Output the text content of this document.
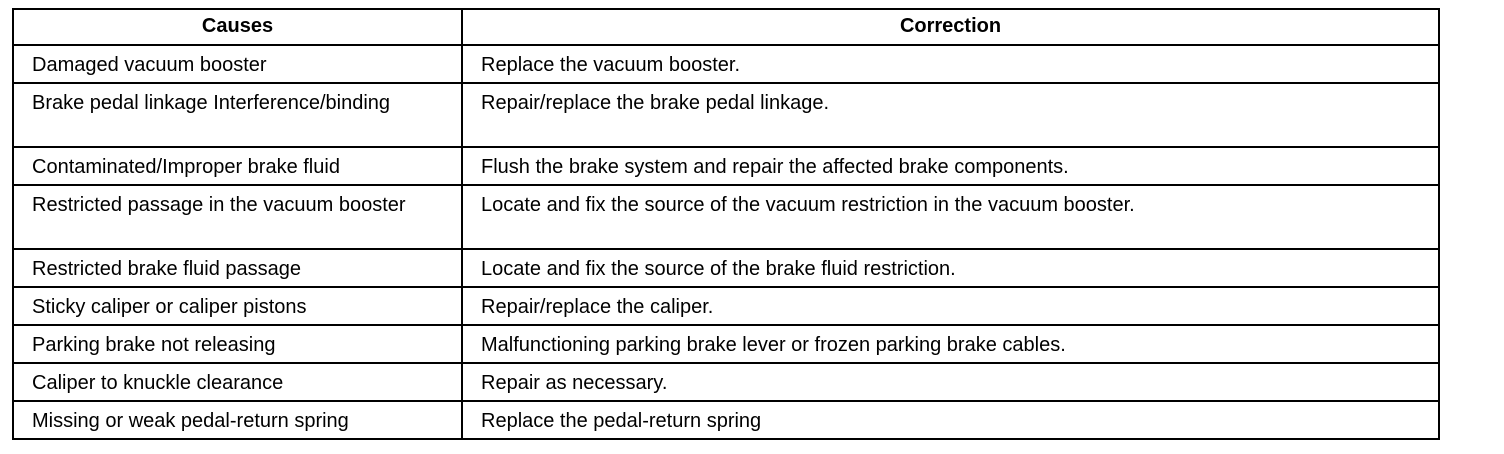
Causes	Correction
Damaged vacuum booster	Replace the vacuum booster.
Brake pedal linkage Interference/binding	Repair/replace the brake pedal linkage.
Contaminated/Improper brake fluid	Flush the brake system and repair the affected brake components.
Restricted passage in the vacuum booster	Locate and fix the source of the vacuum restriction in the vacuum booster.
Restricted brake fluid passage	Locate and fix the source of the brake fluid restriction.
Sticky caliper or caliper pistons	Repair/replace the caliper.
Parking brake not releasing	Malfunctioning parking brake lever or frozen parking brake cables.
Caliper to knuckle clearance	Repair as necessary.
Missing or weak pedal-return spring	Replace the pedal-return spring
